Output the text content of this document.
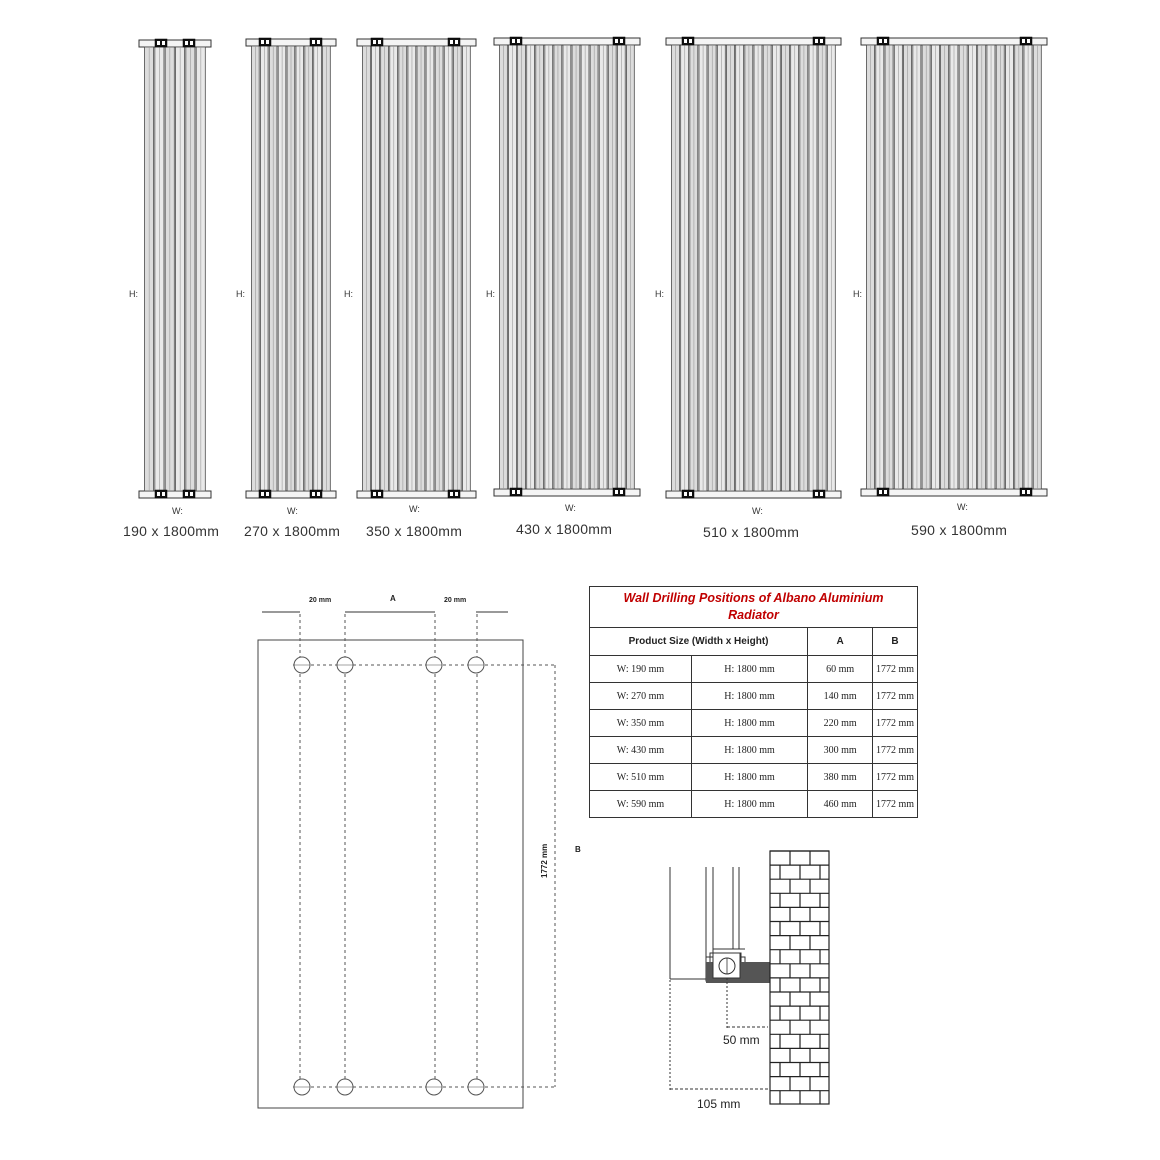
190 x 1800mm 270 x 1800mm 350 x 1800mm	430 x 1800mm	510 x 1800mm	590 x 1800mm
H:	H:	H:	H:	H:	H:
W:	W:	W:	W:	W:	W:
20 mm	A	20 mm
1772 mm	B
50 mm
105 mm
Wall Drilling Positions of Albano Aluminium
Radiator			
Product Size (Width x Height)		A	B
W: 190 mm	H: 1800 mm	60 mm	1772 mm
W: 270 mm	H: 1800 mm	140 mm	1772 mm
W: 350 mm	H: 1800 mm	220 mm	1772 mm
W: 430 mm	H: 1800 mm	300 mm	1772 mm
W: 510 mm	H: 1800 mm	380 mm	1772 mm
W: 590 mm	H: 1800 mm	460 mm	1772 mm
